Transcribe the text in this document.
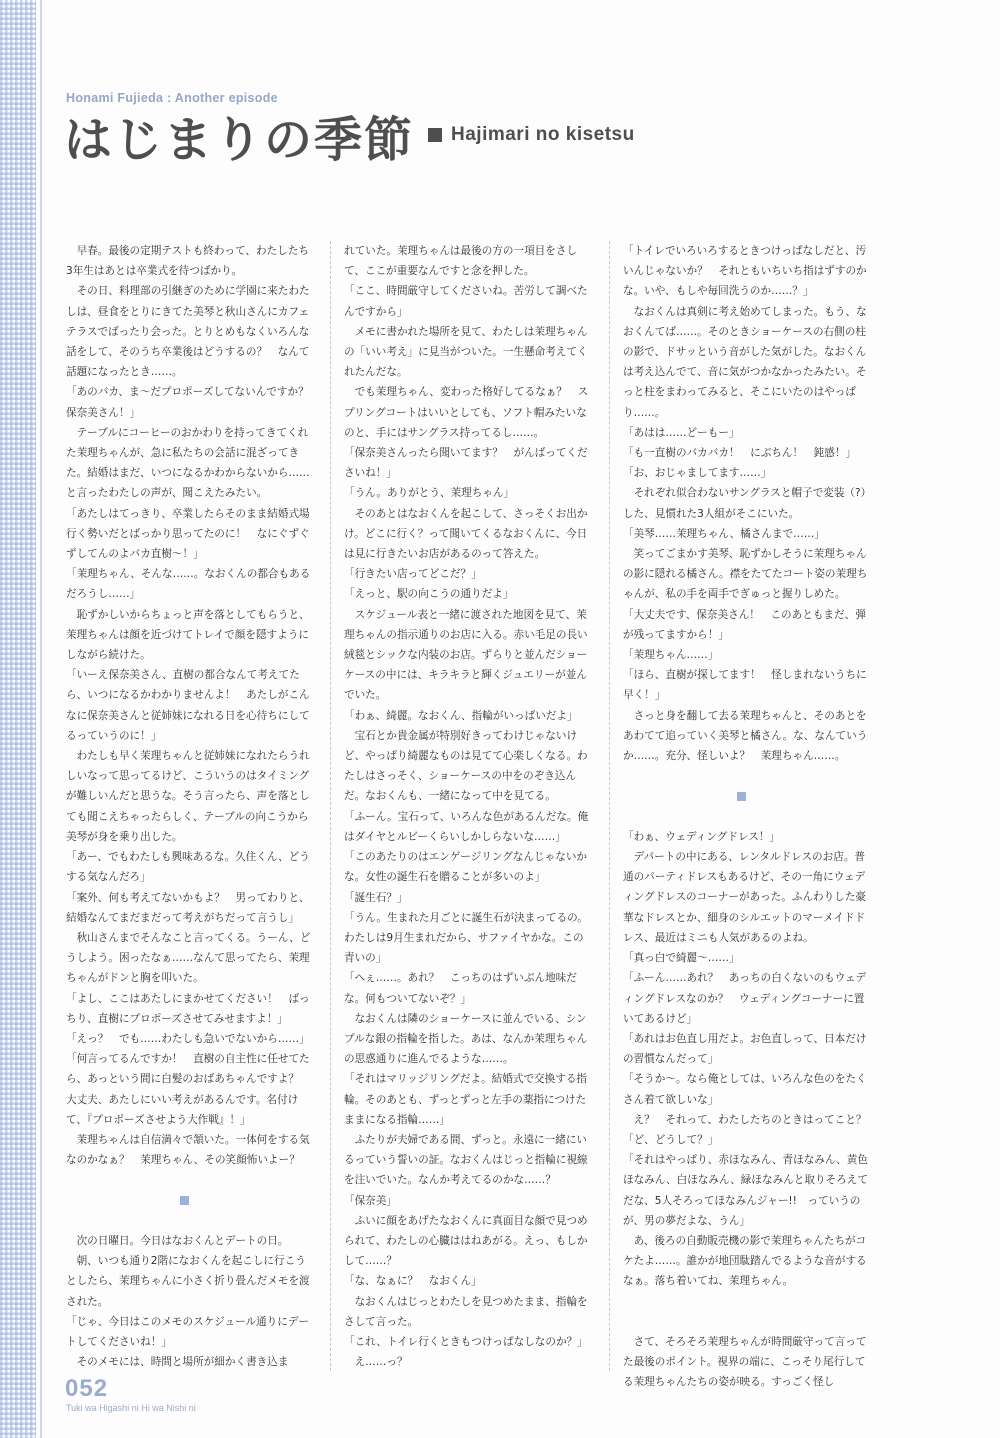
Honami Fujieda : Another episode
はじまりの季節 Hajimari no kisetsu

早春。最後の定期テストも終わって、わたしたち3年生はあとは卒業式を待つばかり。

その日、料理部の引継ぎのために学園に来たわたしは、昼食をとりにきてた美琴と秋山さんにカフェテラスでばったり会った。とりとめもなくいろんな話をして、そのうち卒業後はどうするの？　なんて話題になったとき……。

「あのバカ、ま〜だプロポーズしてないんですか？　保奈美さん！」

テーブルにコーヒーのおかわりを持ってきてくれた茉理ちゃんが、急に私たちの会話に混ざってきた。結婚はまだ、いつになるかわからないから……と言ったわたしの声が、聞こえたみたい。

「あたしはてっきり、卒業したらそのまま結婚式場行く勢いだとばっかり思ってたのに！　なにぐずぐずしてんのよバカ直樹〜！」

「茉理ちゃん、そんな……。なおくんの都合もあるだろうし……」

恥ずかしいからちょっと声を落としてもらうと、茉理ちゃんは顔を近づけてトレイで顔を隠すようにしながら続けた。

「いーえ保奈美さん、直樹の都合なんて考えてたら、いつになるかわかりませんよ！　あたしがこんなに保奈美さんと従姉妹になれる日を心待ちにしてるっていうのに！」

わたしも早く茉理ちゃんと従姉妹になれたらうれしいなって思ってるけど、こういうのはタイミングが難しいんだと思うな。そう言ったら、声を落としても聞こえちゃったらしく、テーブルの向こうから美琴が身を乗り出した。

「あー、でもわたしも興味あるな。久住くん、どうする気なんだろ」

「案外、何も考えてないかもよ？　男ってわりと、結婚なんてまだまだって考えがちだって言うし」

秋山さんまでそんなこと言ってくる。うーん、どうしよう。困ったなぁ……なんて思ってたら、茉理ちゃんがドンと胸を叩いた。

「よし、ここはあたしにまかせてください！　ばっちり、直樹にプロポーズさせてみせますよ！」

「えっ？　でも……わたしも急いでないから……」

「何言ってるんですか！　直樹の自主性に任せてたら、あっという間に白髪のおばあちゃんですよ？　大丈夫、あたしにいい考えがあるんです。名付けて、『プロポーズさせよう大作戦』！」

茉理ちゃんは自信満々で頷いた。一体何をする気なのかなぁ？　茉理ちゃん、その笑顔怖いよー？

次の日曜日。今日はなおくんとデートの日。

朝、いつも通り2階になおくんを起こしに行こうとしたら、茉理ちゃんに小さく折り畳んだメモを渡された。

「じゃ、今日はこのメモのスケジュール通りにデートしてくださいね！」

そのメモには、時間と場所が細かく書き込ま

れていた。茉理ちゃんは最後の方の一項目をさして、ここが重要なんですと念を押した。

「ここ、時間厳守してくださいね。苦労して調べたんですから」

メモに書かれた場所を見て、わたしは茉理ちゃんの「いい考え」に見当がついた。一生懸命考えてくれたんだな。

でも茉理ちゃん、変わった格好してるなぁ？　スプリングコートはいいとしても、ソフト帽みたいなのと、手にはサングラス持ってるし……。

「保奈美さんったら聞いてます？　がんばってくださいね！」

「うん。ありがとう、茉理ちゃん」

そのあとはなおくんを起こして、さっそくお出かけ。どこに行く？って聞いてくるなおくんに、今日は見に行きたいお店があるのって答えた。

「行きたい店ってどこだ？」

「えっと、駅の向こうの通りだよ」

スケジュール表と一緒に渡された地図を見て、茉理ちゃんの指示通りのお店に入る。赤い毛足の長い絨毯とシックな内装のお店。ずらりと並んだショーケースの中には、キラキラと輝くジュエリーが並んでいた。

「わぁ、綺麗。なおくん、指輪がいっぱいだよ」

宝石とか貴金属が特別好きってわけじゃないけど、やっぱり綺麗なものは見てて心楽しくなる。わたしはさっそく、ショーケースの中をのぞき込んだ。なおくんも、一緒になって中を見てる。

「ふーん。宝石って、いろんな色があるんだな。俺はダイヤとルビーくらいしかしらないな……」

「このあたりのはエンゲージリングなんじゃないかな。女性の誕生石を贈ることが多いのよ」

「誕生石？」

「うん。生まれた月ごとに誕生石が決まってるの。わたしは9月生まれだから、サファイヤかな。この青いの」

「へぇ……。あれ？　こっちのはずいぶん地味だな。何もついてないぞ？」

なおくんは隣のショーケースに並んでいる、シンプルな銀の指輪を指した。あは、なんか茉理ちゃんの思惑通りに進んでるような……。

「それはマリッジリングだよ。結婚式で交換する指輪。そのあとも、ずっとずっと左手の薬指につけたままになる指輪……」

ふたりが夫婦である間、ずっと。永遠に一緒にいるっていう誓いの証。なおくんはじっと指輪に視線を注いでいた。なんか考えてるのかな……？

「保奈美」

ふいに顔をあげたなおくんに真面目な顔で見つめられて、わたしの心臓ははねあがる。えっ、もしかして……？

「な、なぁに？　なおくん」

なおくんはじっとわたしを見つめたまま、指輪をさして言った。

「これ、トイレ行くときもつけっぱなしなのか？」

え……っ？

「トイレでいろいろするときつけっぱなしだと、汚いんじゃないか？　それともいちいち指はずすのかな。いや、もしや毎回洗うのか……？」

なおくんは真剣に考え始めてしまった。もう、なおくんてば……。そのときショーケースの右側の柱の影で、ドサッという音がした気がした。なおくんは考え込んでて、音に気がつかなかったみたい。そっと柱をまわってみると、そこにいたのはやっぱり……。

「あはは……どーもー」

「も一直樹のバカバカ！　にぶちん！　鈍感！」

「お、おじゃましてます……」

それぞれ似合わないサングラスと帽子で変装（?）した、見慣れた3人組がそこにいた。

「美琴……茉理ちゃん、橘さんまで……」

笑ってごまかす美琴、恥ずかしそうに茉理ちゃんの影に隠れる橘さん。襟をたてたコート姿の茉理ちゃんが、私の手を両手でぎゅっと握りしめた。

「大丈夫です、保奈美さん！　このあともまだ、弾が残ってますから！」

「茉理ちゃん……」

「ほら、直樹が探してます！　怪しまれないうちに早く！」

さっと身を翻して去る茉理ちゃんと、そのあとをあわてて追っていく美琴と橘さん。な、なんていうか……。充分、怪しいよ？　茉理ちゃん……。

「わぁ、ウェディングドレス！」

デパートの中にある、レンタルドレスのお店。普通のパーティドレスもあるけど、その一角にウェディングドレスのコーナーがあった。ふんわりした豪華なドレスとか、細身のシルエットのマーメイドドレス、最近はミニも人気があるのよね。

「真っ白で綺麗〜……」

「ふーん……あれ？　あっちの白くないのもウェディングドレスなのか？　ウェディングコーナーに置いてあるけど」

「あれはお色直し用だよ。お色直しって、日本だけの習慣なんだって」

「そうか〜。なら俺としては、いろんな色のをたくさん着て欲しいな」

え？　それって、わたしたちのときはってこと？

「ど、どうして？」

「それはやっぱり、赤ほなみん、青ほなみん、黄色ほなみん、白ほなみん、緑ほなみんと取りそろえてだな、5人そろってほなみんジャー!!　っていうのが、男の夢だよな、うん」

あ、後ろの自動販売機の影で茉理ちゃんたちがコケたよ……。誰かが地団駄踏んでるような音がするなぁ。落ち着いてね、茉理ちゃん。

さて、そろそろ茉理ちゃんが時間厳守って言ってた最後のポイント。視界の端に、こっそり尾行してる茉理ちゃんたちの姿が映る。すっごく怪し

052
Tuki wa Higashi ni Hi wa Nishi ni
